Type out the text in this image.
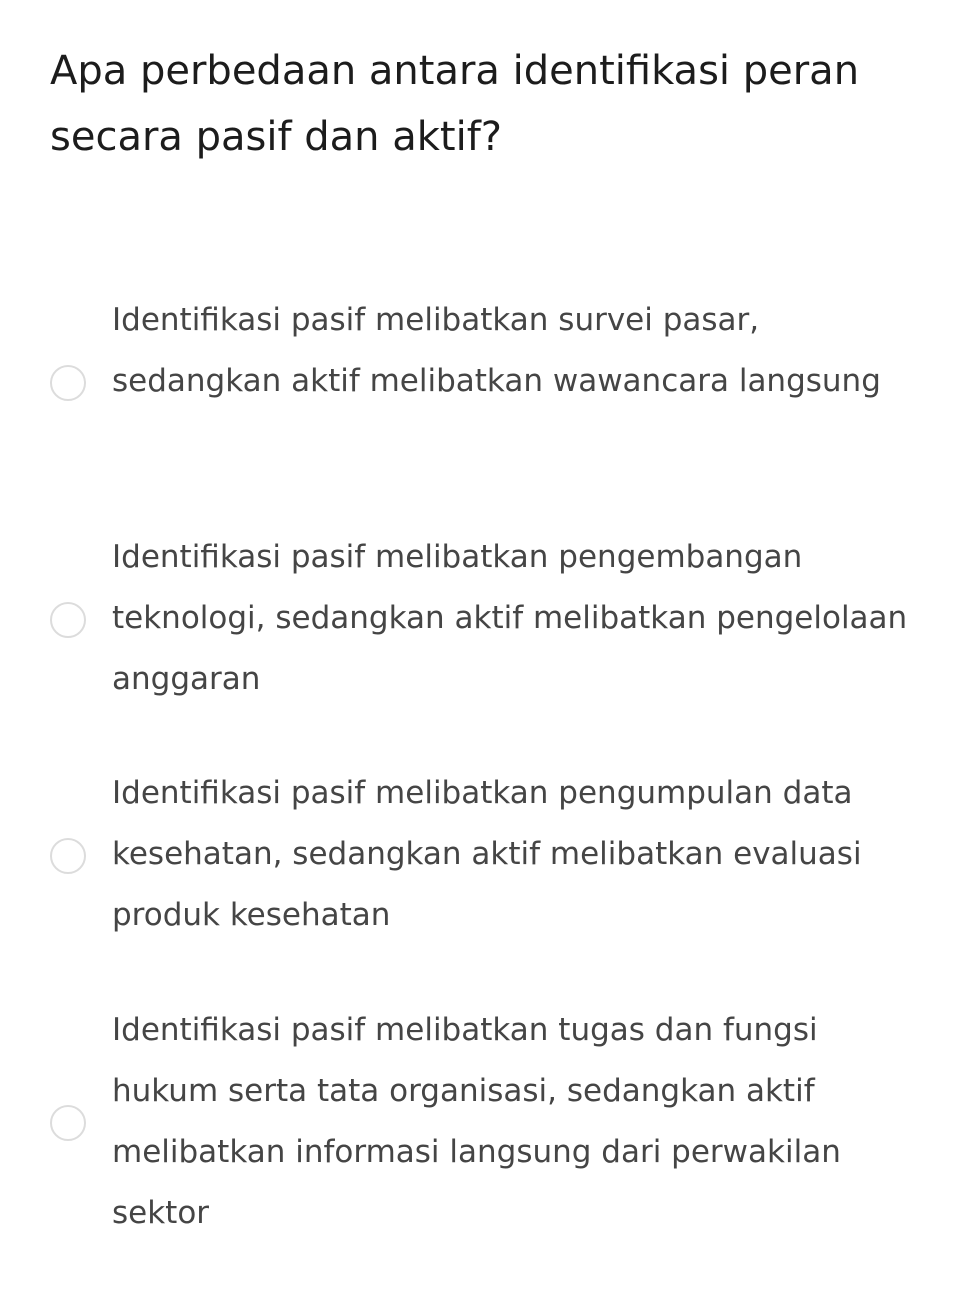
Apa perbedaan antara identifikasi peran secara pasif dan aktif?

Identifikasi pasif melibatkan survei pasar, sedangkan aktif melibatkan wawancara langsung

Identifikasi pasif melibatkan pengembangan teknologi, sedangkan aktif melibatkan pengelolaan anggaran

Identifikasi pasif melibatkan pengumpulan data kesehatan, sedangkan aktif melibatkan evaluasi produk kesehatan

Identifikasi pasif melibatkan tugas dan fungsi hukum serta tata organisasi, sedangkan aktif melibatkan informasi langsung dari perwakilan sektor
